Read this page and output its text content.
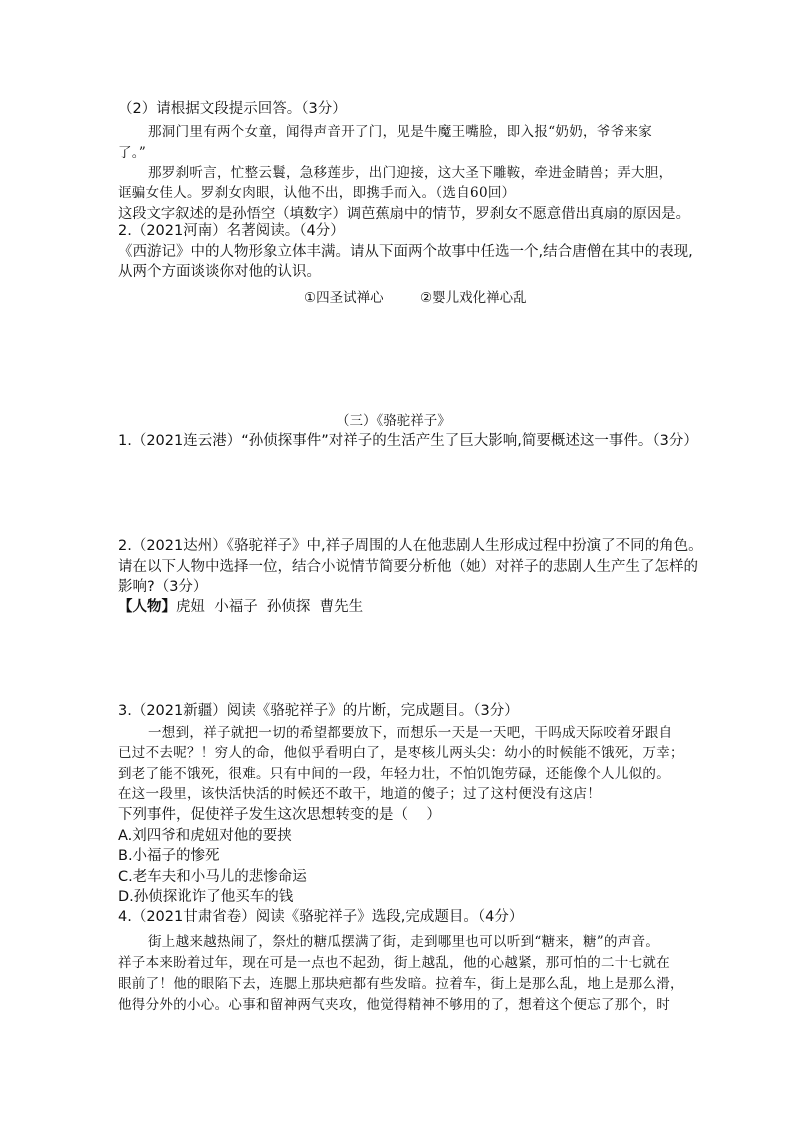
（2）请根据文段提示回答。（3分）
那洞门里有两个女童，闻得声音开了门，见是牛魔王嘴脸，即入报“奶奶，爷爷来家
了。”
那罗刹听言，忙整云鬟，急移莲步，出门迎接，这大圣下雕鞍，牵进金睛兽；弄大胆，
诓骗女佳人。罗刹女肉眼，认他不出，即携手而入。（选自60回）
这段文字叙述的是孙悟空（填数字）调芭蕉扇中的情节，罗刹女不愿意借出真扇的原因是。
2.（2021河南）名著阅读。（4分）
《西游记》中的人物形象立体丰满。请从下面两个故事中任选一个,结合唐僧在其中的表现,
从两个方面谈谈你对他的认识。
①四圣试禅心	②婴儿戏化禅心乱
（三）《骆驼祥子》
1.（2021连云港）“孙侦探事件”对祥子的生活产生了巨大影响,简要概述这一事件。（3分）
2.（2021达州）《骆驼祥子》中,祥子周围的人在他悲剧人生形成过程中扮演了不同的角色。
请在以下人物中选择一位，结合小说情节简要分析他（她）对祥子的悲剧人生产生了怎样的
影响?（3分）
【人物】虎妞  小福子  孙侦探  曹先生
3.（2021新疆）阅读《骆驼祥子》的片断，完成题目。（3分）
一想到，祥子就把一切的希望都要放下，而想乐一天是一天吧，干吗成天际咬着牙跟自
已过不去呢？！穷人的命，他似乎看明白了，是枣核儿两头尖：幼小的时候能不饿死，万幸；
到老了能不饿死，很难。只有中间的一段，年轻力壮，不怕饥饱劳碌，还能像个人儿似的。
在这一段里，该快活快活的时候还不敢干，地道的傻子；过了这村便没有这店！
下列事件，促使祥子发生这次思想转变的是（    ）
A.刘四爷和虎妞对他的要挟
B.小福子的惨死
C.老车夫和小马儿的悲惨命运
D.孙侦探讹诈了他买车的钱
4.（2021甘肃省卷）阅读《骆驼祥子》选段,完成题目。（4分）
街上越来越热闹了，祭灶的糖瓜摆满了街，走到哪里也可以听到“糖来，糖”的声音。
祥子本来盼着过年，现在可是一点也不起劲，街上越乱，他的心越紧，那可怕的二十七就在
眼前了！他的眼陷下去，连腮上那块疤都有些发暗。拉着车，街上是那么乱，地上是那么滑，
他得分外的小心。心事和留神两气夹攻，他觉得精神不够用的了，想着这个便忘了那个，时
